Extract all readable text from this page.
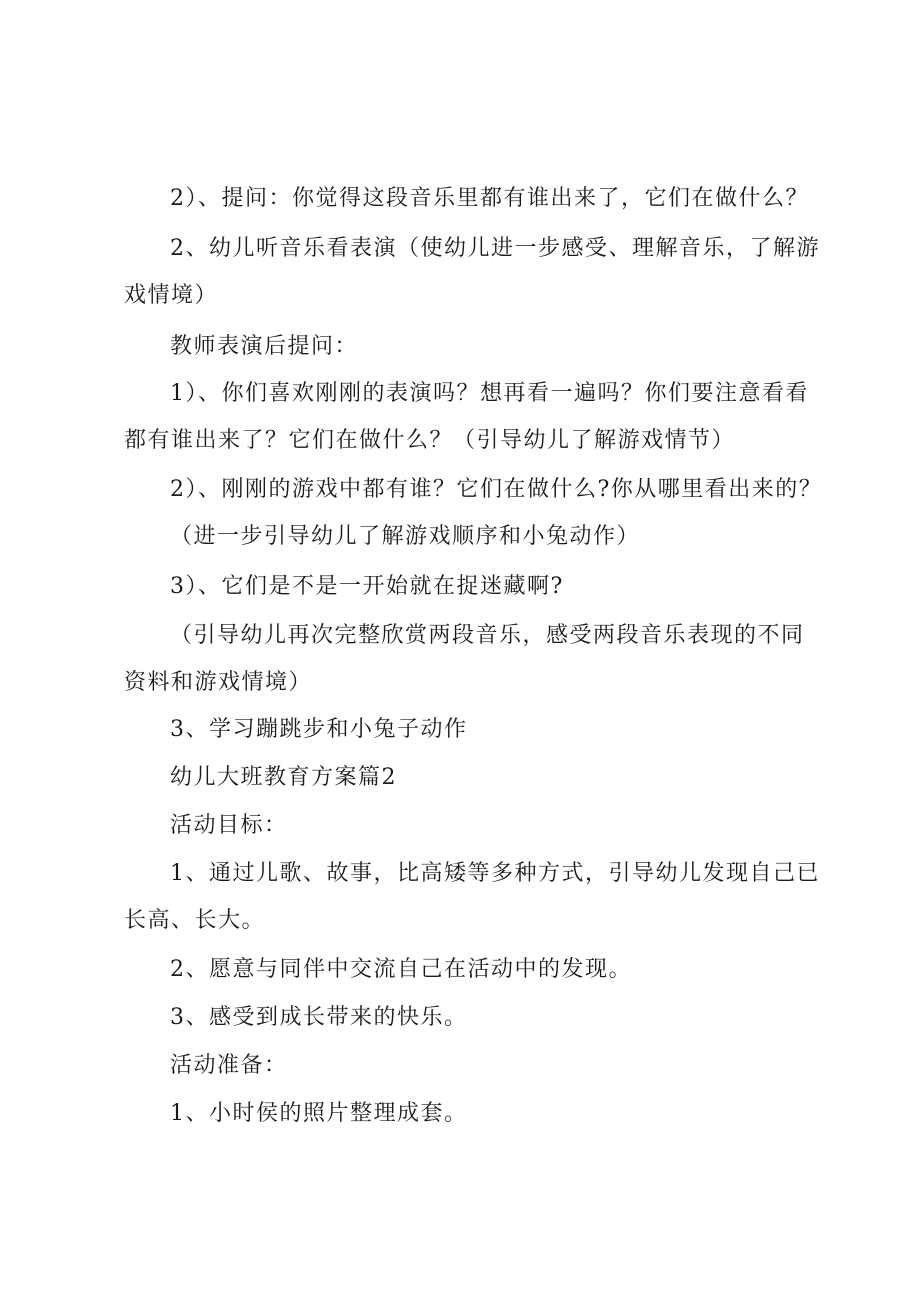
2）、提问：你觉得这段音乐里都有谁出来了，它们在做什么？

2、幼儿听音乐看表演（使幼儿进一步感受、理解音乐，了解游戏情境）

教师表演后提问：

1）、你们喜欢刚刚的表演吗？想再看一遍吗？你们要注意看看都有谁出来了？它们在做什么？（引导幼儿了解游戏情节）

2）、刚刚的游戏中都有谁？它们在做什么?你从哪里看出来的？

（进一步引导幼儿了解游戏顺序和小兔动作）

3）、它们是不是一开始就在捉迷藏啊?

（引导幼儿再次完整欣赏两段音乐，感受两段音乐表现的不同资料和游戏情境）

3、学习蹦跳步和小兔子动作

幼儿大班教育方案篇2

活动目标：

1、通过儿歌、故事，比高矮等多种方式，引导幼儿发现自己已长高、长大。

2、愿意与同伴中交流自己在活动中的发现。

3、感受到成长带来的快乐。

活动准备：

1、小时侯的照片整理成套。
